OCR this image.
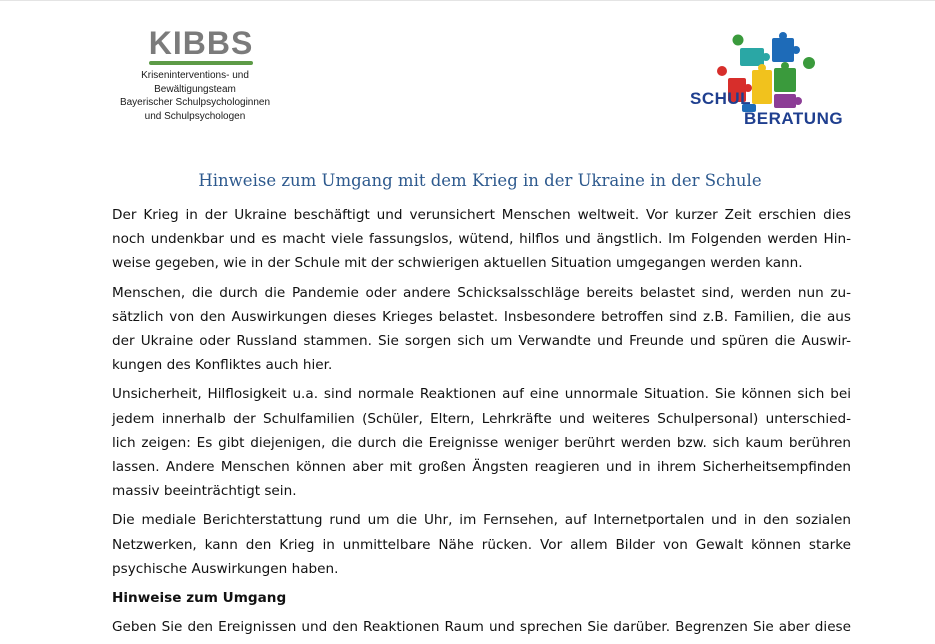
KIBBS
Kriseninterventions- und
Bewältigungsteam
Bayerischer Schulpsychologinnen
und Schulpsychologen
SCHUL
BERATUNG
Hinweise zum Umgang mit dem Krieg in der Ukraine in der Schule
Der Krieg in der Ukraine beschäftigt und verunsichert Menschen weltweit. Vor kurzer Zeit erschien dies
noch undenkbar und es macht viele fassungslos, wütend, hilflos und ängstlich. Im Folgenden werden Hin-
weise gegeben, wie in der Schule mit der schwierigen aktuellen Situation umgegangen werden kann.
Menschen, die durch die Pandemie oder andere Schicksalsschläge bereits belastet sind, werden nun zu-
sätzlich von den Auswirkungen dieses Krieges belastet. Insbesondere betroffen sind z.B. Familien, die aus
der Ukraine oder Russland stammen. Sie sorgen sich um Verwandte und Freunde und spüren die Auswir-
kungen des Konfliktes auch hier.
Unsicherheit, Hilflosigkeit u.a. sind normale Reaktionen auf eine unnormale Situation. Sie können sich bei
jedem innerhalb der Schulfamilien (Schüler, Eltern, Lehrkräfte und weiteres Schulpersonal) unterschied-
lich zeigen: Es gibt diejenigen, die durch die Ereignisse weniger berührt werden bzw. sich kaum berühren
lassen. Andere Menschen können aber mit großen Ängsten reagieren und in ihrem Sicherheitsempfinden
massiv beeinträchtigt sein.
Die mediale Berichterstattung rund um die Uhr, im Fernsehen, auf Internetportalen und in den sozialen
Netzwerken, kann den Krieg in unmittelbare Nähe rücken. Vor allem Bilder von Gewalt können starke
psychische Auswirkungen haben.
Hinweise zum Umgang
Geben Sie den Ereignissen und den Reaktionen Raum und sprechen Sie darüber. Begrenzen Sie aber diese
